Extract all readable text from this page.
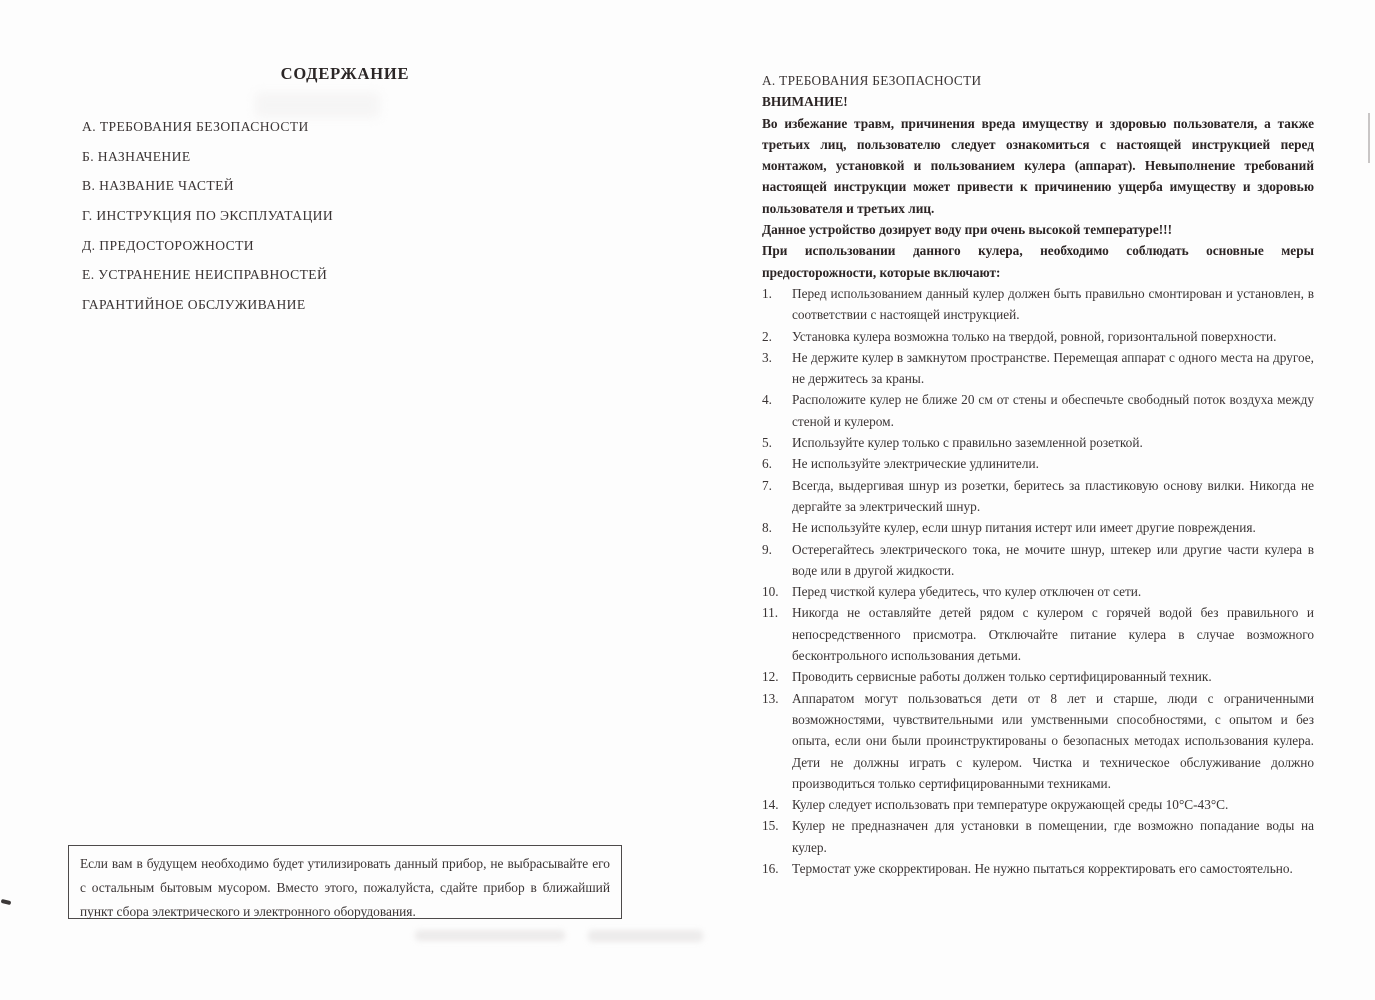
СОДЕРЖАНИЕ
А. ТРЕБОВАНИЯ БЕЗОПАСНОСТИ
Б. НАЗНАЧЕНИЕ
В. НАЗВАНИЕ ЧАСТЕЙ
Г. ИНСТРУКЦИЯ ПО ЭКСПЛУАТАЦИИ
Д. ПРЕДОСТОРОЖНОСТИ
Е. УСТРАНЕНИЕ НЕИСПРАВНОСТЕЙ
ГАРАНТИЙНОЕ ОБСЛУЖИВАНИЕ

Если вам в будущем необходимо будет утилизировать данный прибор, не выбрасывайте его с остальным бытовым мусором. Вместо этого, пожалуйста, сдайте прибор в ближайший пункт сбора электрического и электронного оборудования.

А. ТРЕБОВАНИЯ БЕЗОПАСНОСТИ

ВНИМАНИЕ!

Во избежание травм, причинения вреда имуществу и здоровью пользователя, а также третьих лиц, пользователю следует ознакомиться с настоящей инструкцией перед монтажом, установкой и пользованием кулера (аппарат). Невыполнение требований настоящей инструкции может привести к причинению ущерба имуществу и здоровью пользователя и третьих лиц.

Данное устройство дозирует воду при очень высокой температуре!!!

При использовании данного кулера, необходимо соблюдать основные меры предосторожности, которые включают:

1.	Перед использованием данный кулер должен быть правильно смонтирован и установлен, в соответствии с настоящей инструкцией.
2.	Установка кулера возможна только на твердой, ровной, горизонтальной поверхности.
3.	Не держите кулер в замкнутом пространстве. Перемещая аппарат с одного места на другое, не держитесь за краны.
4.	Расположите кулер не ближе 20 см от стены и обеспечьте свободный поток воздуха между стеной и кулером.
5.	Используйте кулер только с правильно заземленной розеткой.
6.	Не используйте электрические удлинители.
7.	Всегда, выдергивая шнур из розетки, беритесь за пластиковую основу вилки. Никогда не дергайте за электрический шнур.
8.	Не используйте кулер, если шнур питания истерт или имеет другие повреждения.
9.	Остерегайтесь электрического тока, не мочите шнур, штекер или другие части кулера в воде или в другой жидкости.
10.	Перед чисткой кулера убедитесь, что кулер отключен от сети.
11.	Никогда не оставляйте детей рядом с кулером с горячей водой без правильного и непосредственного присмотра. Отключайте питание кулера в случае возможного бесконтрольного использования детьми.
12.	Проводить сервисные работы должен только сертифицированный техник.
13.	Аппаратом могут пользоваться дети от 8 лет и старше, люди с ограниченными возможностями, чувствительными или умственными способностями, с опытом и без опыта, если они были проинструктированы о безопасных методах использования кулера. Дети не должны играть с кулером. Чистка и техническое обслуживание должно производиться только сертифицированными техниками.
14.	Кулер следует использовать при температуре окружающей среды 10°C-43°C.
15.	Кулер не предназначен для установки в помещении, где возможно попадание воды на кулер.
16.	Термостат уже скорректирован. Не нужно пытаться корректировать его самостоятельно.
